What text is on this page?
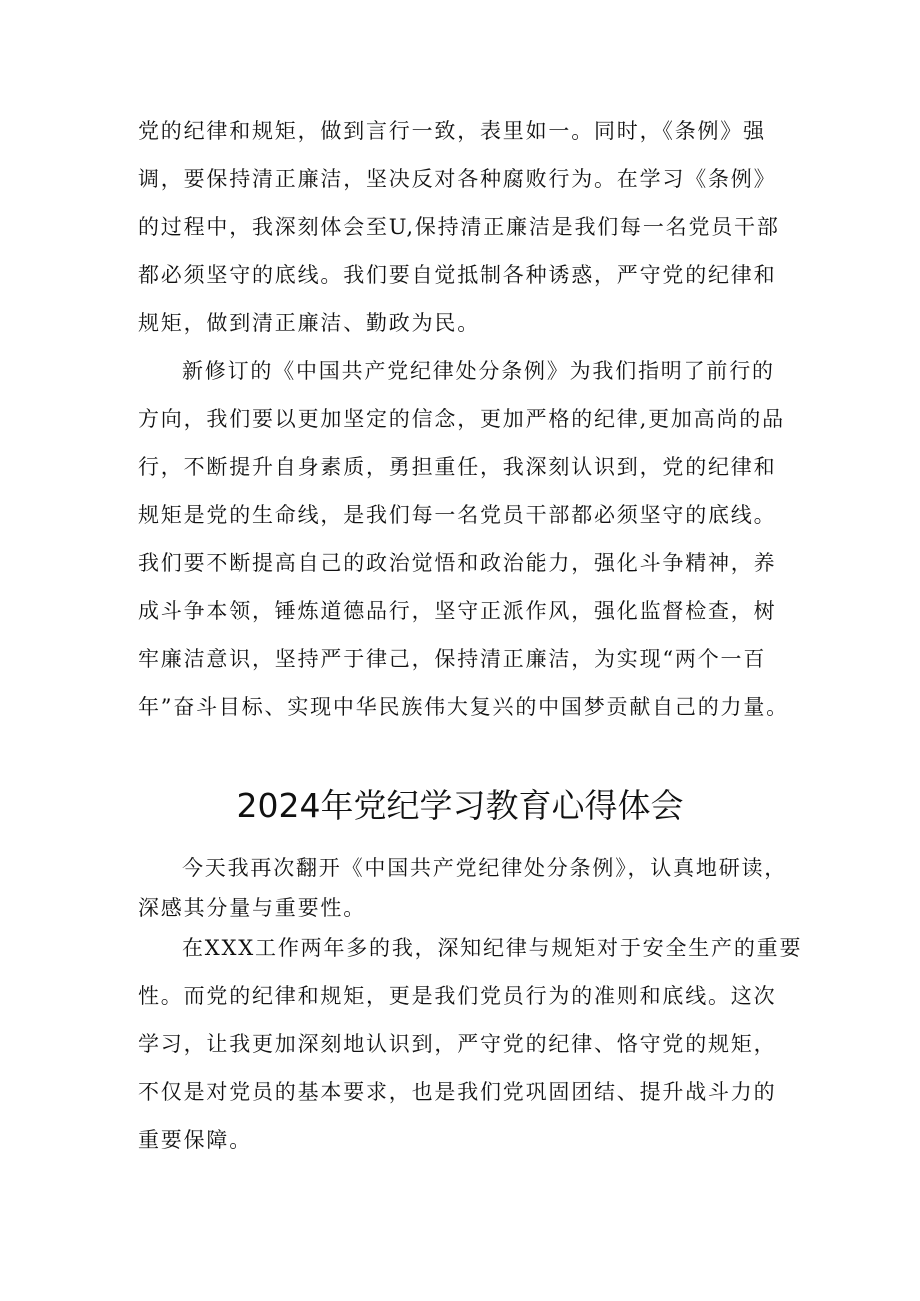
党的纪律和规矩，做到言行一致，表里如一。同时，《条例》强
调，要保持清正廉洁，坚决反对各种腐败行为。在学习《条例》
的过程中，我深刻体会至U,保持清正廉洁是我们每一名党员干部
都必须坚守的底线。我们要自觉抵制各种诱惑，严守党的纪律和
规矩，做到清正廉洁、勤政为民。
新修订的《中国共产党纪律处分条例》为我们指明了前行的
方向，我们要以更加坚定的信念，更加严格的纪律,更加高尚的品
行，不断提升自身素质，勇担重任，我深刻认识到，党的纪律和
规矩是党的生命线，是我们每一名党员干部都必须坚守的底线。
我们要不断提高自己的政治觉悟和政治能力，强化斗争精神，养
成斗争本领，锤炼道德品行，坚守正派作风，强化监督检查，树
牢廉洁意识，坚持严于律己，保持清正廉洁，为实现“两个一百
年”奋斗目标、实现中华民族伟大复兴的中国梦贡献自己的力量。
2024年党纪学习教育心得体会
今天我再次翻开《中国共产党纪律处分条例》，认真地研读，
深感其分量与重要性。
在XXX工作两年多的我，深知纪律与规矩对于安全生产的重要
性。而党的纪律和规矩，更是我们党员行为的准则和底线。这次
学习，让我更加深刻地认识到，严守党的纪律、恪守党的规矩，
不仅是对党员的基本要求，也是我们党巩固团结、提升战斗力的
重要保障。
